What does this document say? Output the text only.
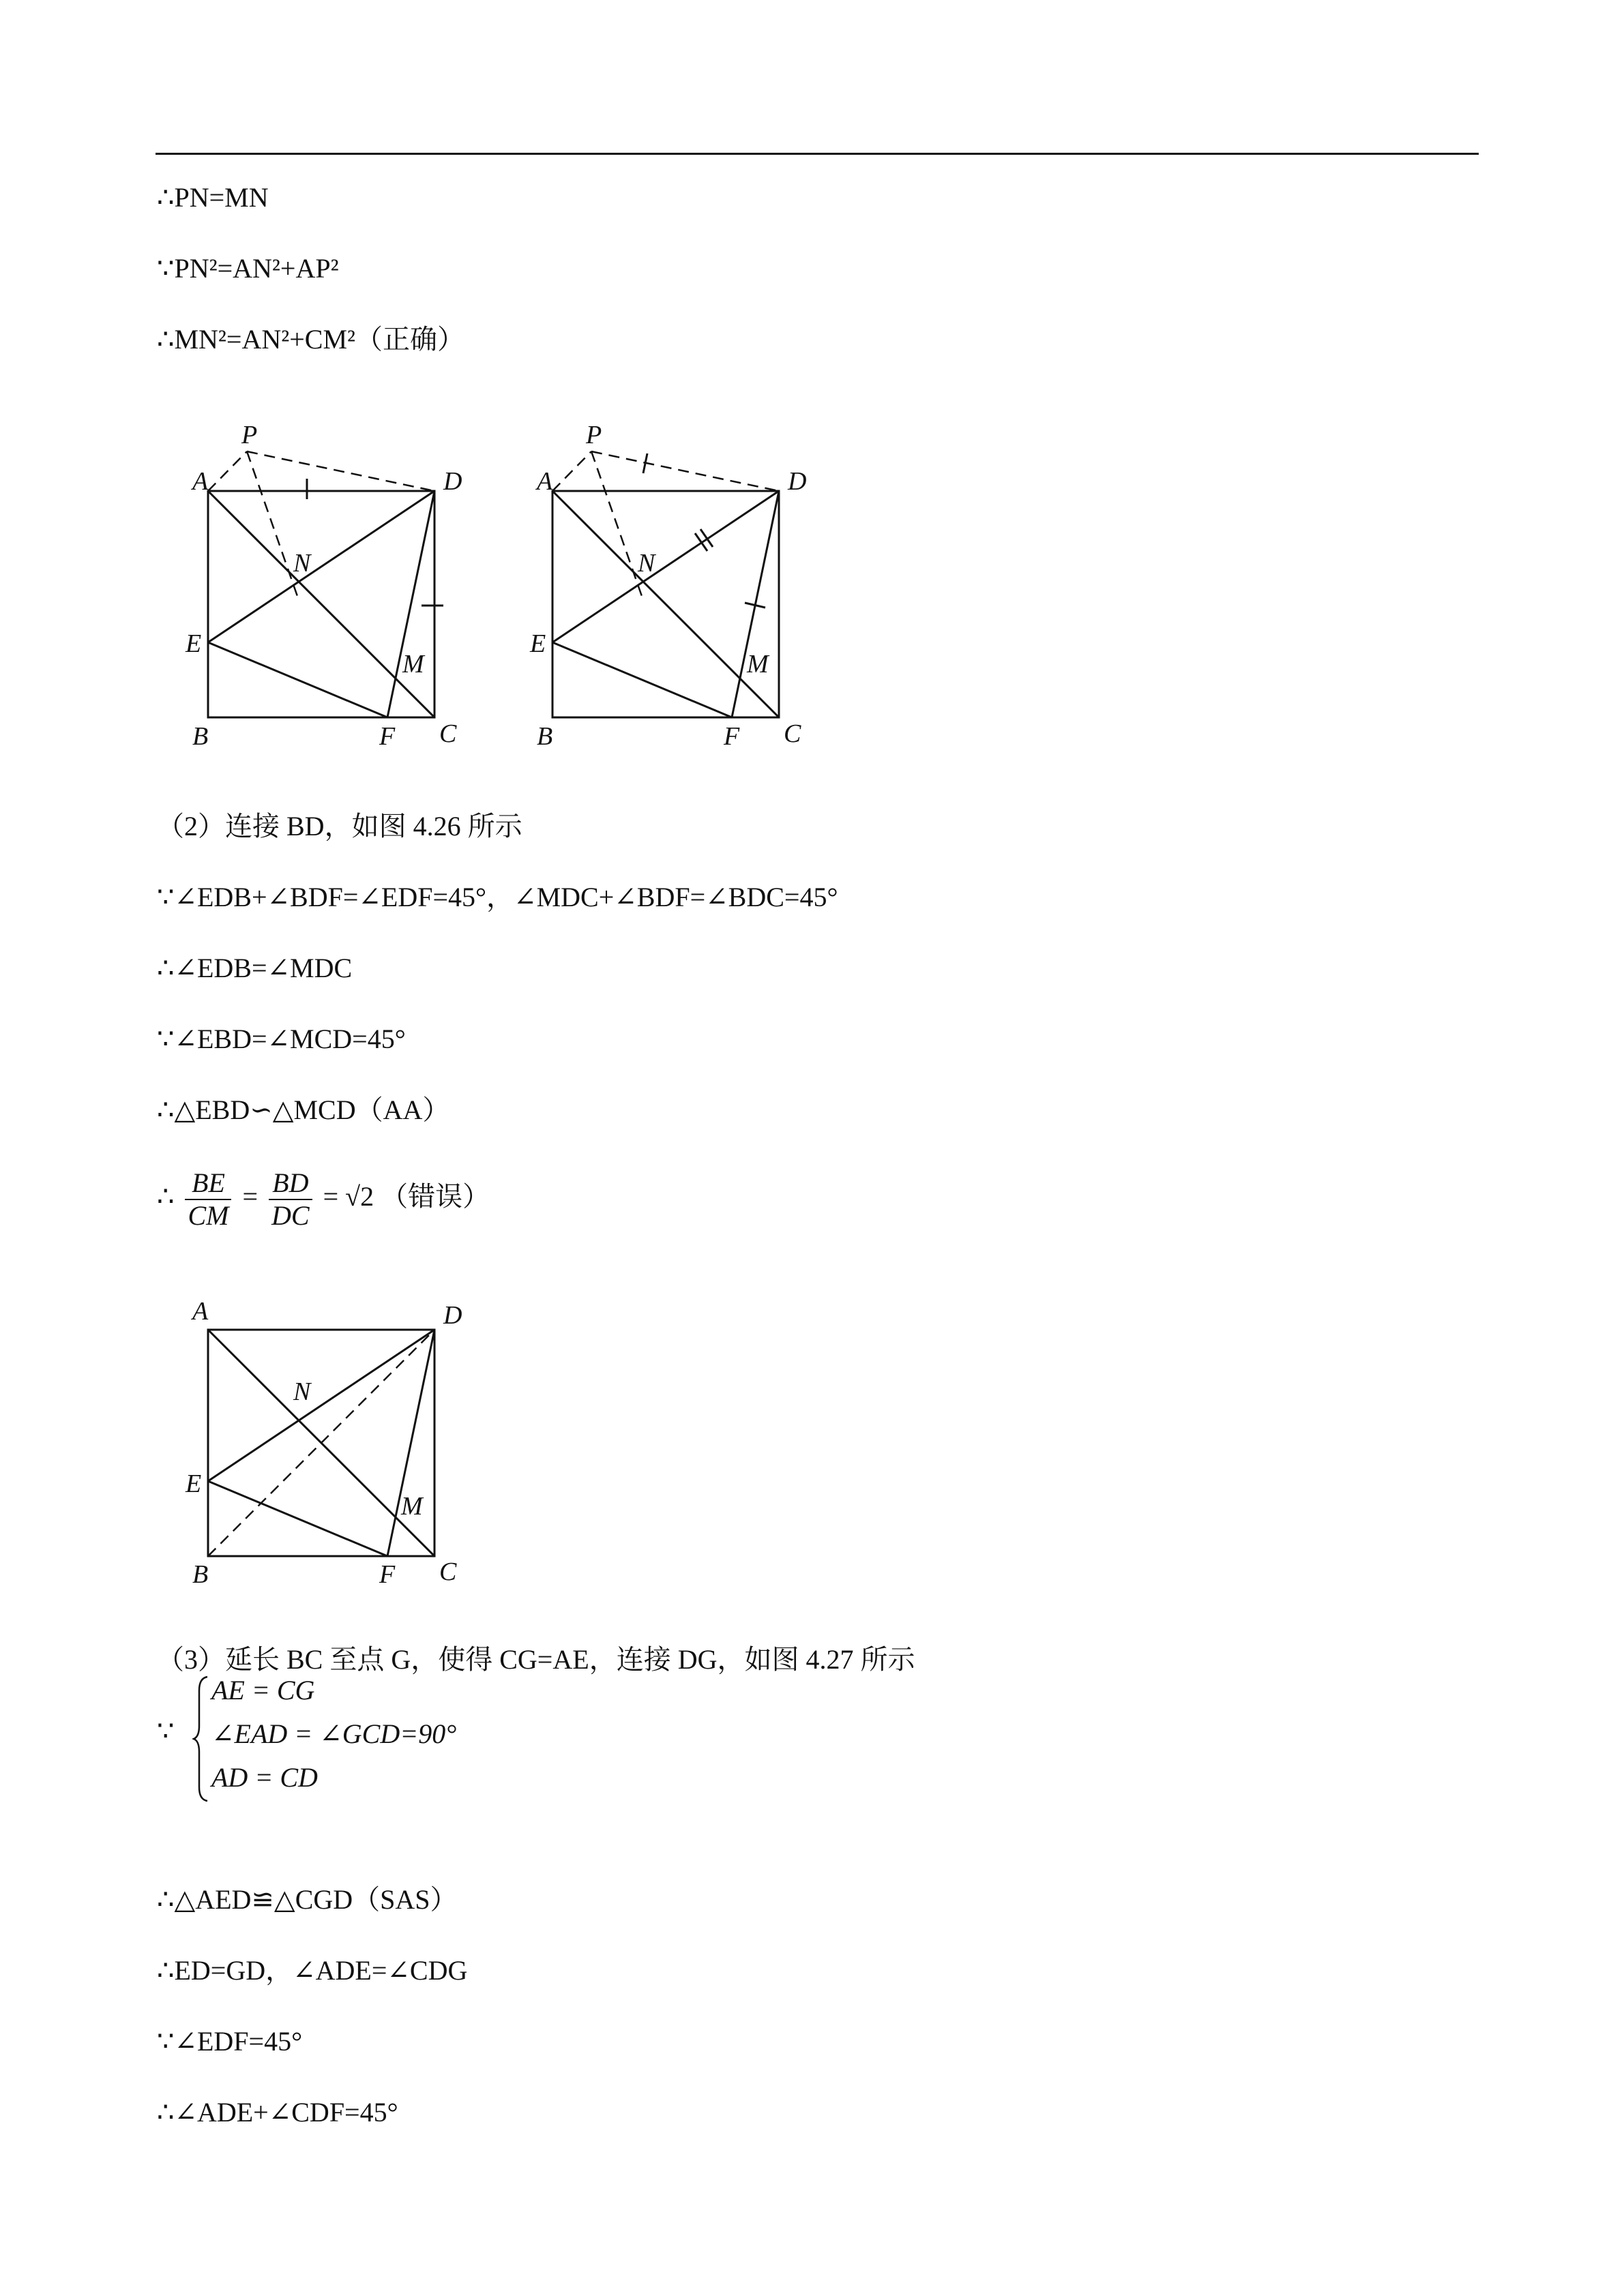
∴PN=MN
∵PN²=AN²+AP²
∴MN²=AN²+CM²（正确）
P
A	D
N
E
M
B	F C
P
A	D
N
E
M
B	F C
（2）连接 BD，如图 4.26 所示
∵∠EDB+∠BDF=∠EDF=45°，∠MDC+∠BDF=∠BDC=45°
∴∠EDB=∠MDC
∵∠EBD=∠MCD=45°
∴△EBD∽△MCD（AA）
∴ $\frac{BE}{CM} = \frac{BD}{DC} = √2$ （错误）
A	D
N
E
M
B	F C
（3）延长 BC 至点 G，使得 CG=AE，连接 DG，如图 4.27 所示
∵
AE = CG
∠EAD = ∠GCD=90°
AD = CD
∴△AED≌△CGD（SAS）
∴ED=GD，∠ADE=∠CDG
∵∠EDF=45°
∴∠ADE+∠CDF=45°
